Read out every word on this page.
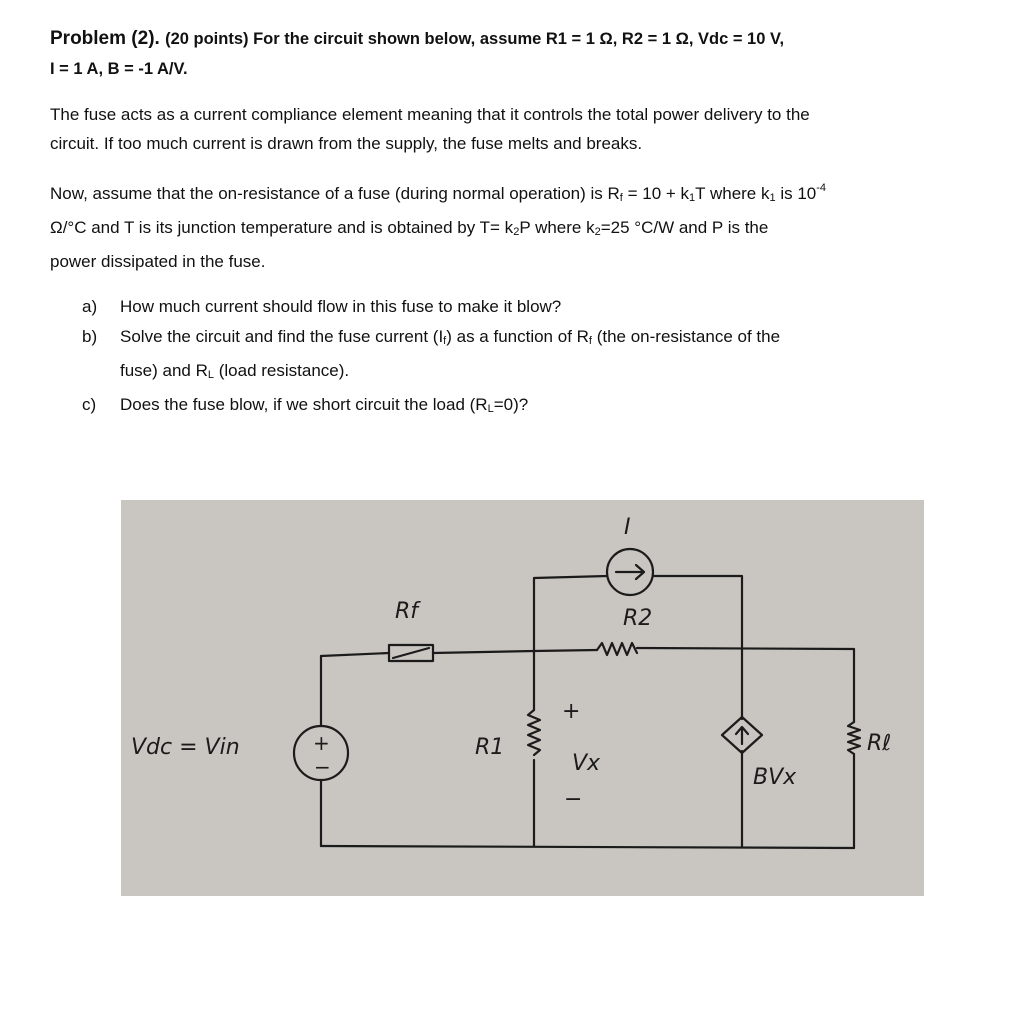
Problem (2). (20 points) For the circuit shown below, assume R1 = 1 Ω, R2 = 1 Ω, Vdc = 10 V,
I = 1 A, B = -1 A/V.

The fuse acts as a current compliance element meaning that it controls the total power delivery to the
circuit. If too much current is drawn from the supply, the fuse melts and breaks.

Now, assume that the on-resistance of a fuse (during normal operation) is $R_f = 10 + k_1T$ where $k_1$ is $10^{-4}$
Ω/°C and T is its junction temperature and is obtained by $T= k_2P$ where $k_2=25$ °C/W and P is the
power dissipated in the fuse.

a) How much current should flow in this fuse to make it blow?
b) Solve the circuit and find the fuse current $(I_f)$ as a function of $R_f$ (the on-resistance of the
fuse) and $R_L$ (load resistance).
c) Does the fuse blow, if we short circuit the load $(R_L=0)$?
Vdc = Vin	+
−
Rf	R2
I
R1
+
Vx
−
BVx
Rℓ
